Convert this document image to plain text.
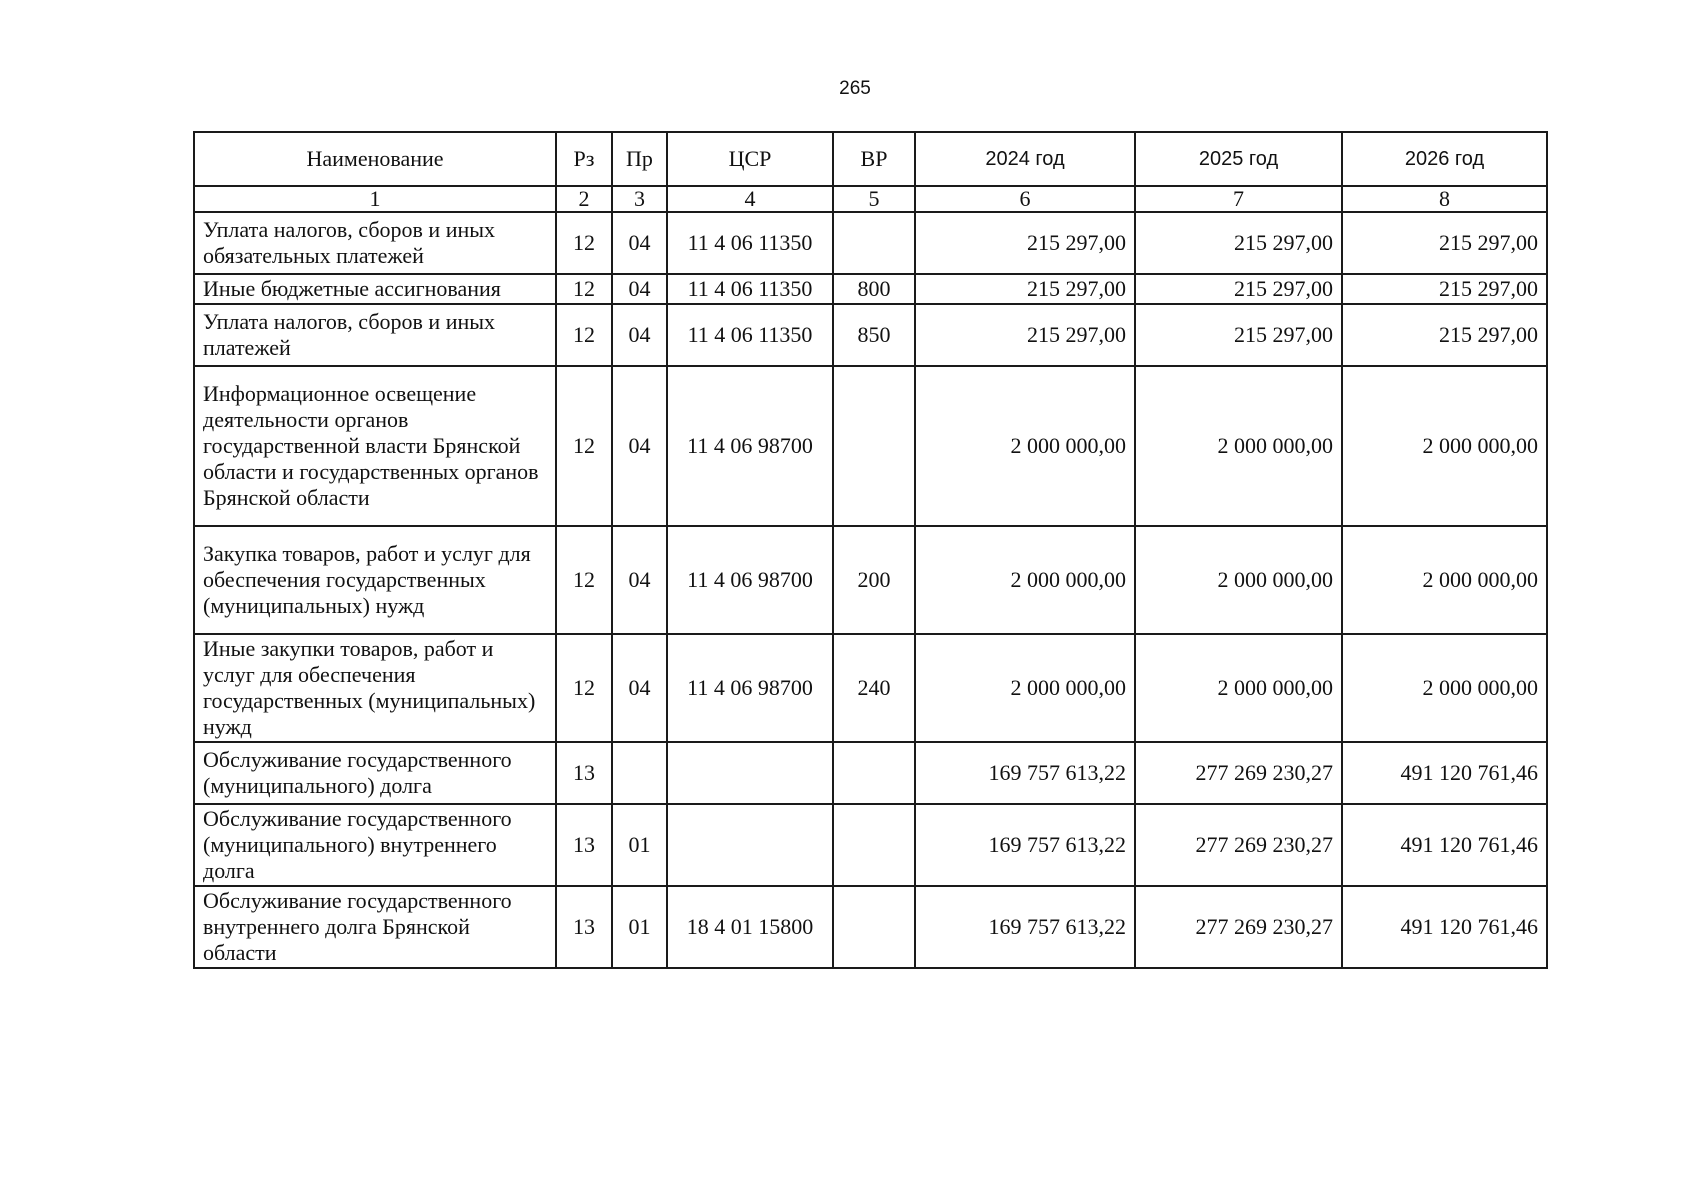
265
Наименование	Рз	Пр	ЦСР	ВР	2024 год	2025 год	2026 год
1	2	3	4	5	6	7	8
Уплата налогов, сборов и иных обязательных платежей	12	04	11 4 06 11350		215 297,00	215 297,00	215 297,00
Иные бюджетные ассигнования	12	04	11 4 06 11350	800	215 297,00	215 297,00	215 297,00
Уплата налогов, сборов и иных платежей	12	04	11 4 06 11350	850	215 297,00	215 297,00	215 297,00
Информационное освещение деятельности органов государственной власти Брянской области и государственных органов Брянской области	12	04	11 4 06 98700		2 000 000,00	2 000 000,00	2 000 000,00
Закупка товаров, работ и услуг для обеспечения государственных (муниципальных) нужд	12	04	11 4 06 98700	200	2 000 000,00	2 000 000,00	2 000 000,00
Иные закупки товаров, работ и услуг для обеспечения государственных (муниципальных) нужд	12	04	11 4 06 98700	240	2 000 000,00	2 000 000,00	2 000 000,00
Обслуживание государственного (муниципального) долга	13				169 757 613,22	277 269 230,27	491 120 761,46
Обслуживание государственного (муниципального) внутреннего долга	13	01			169 757 613,22	277 269 230,27	491 120 761,46
Обслуживание государственного внутреннего долга Брянской области	13	01	18 4 01 15800		169 757 613,22	277 269 230,27	491 120 761,46
